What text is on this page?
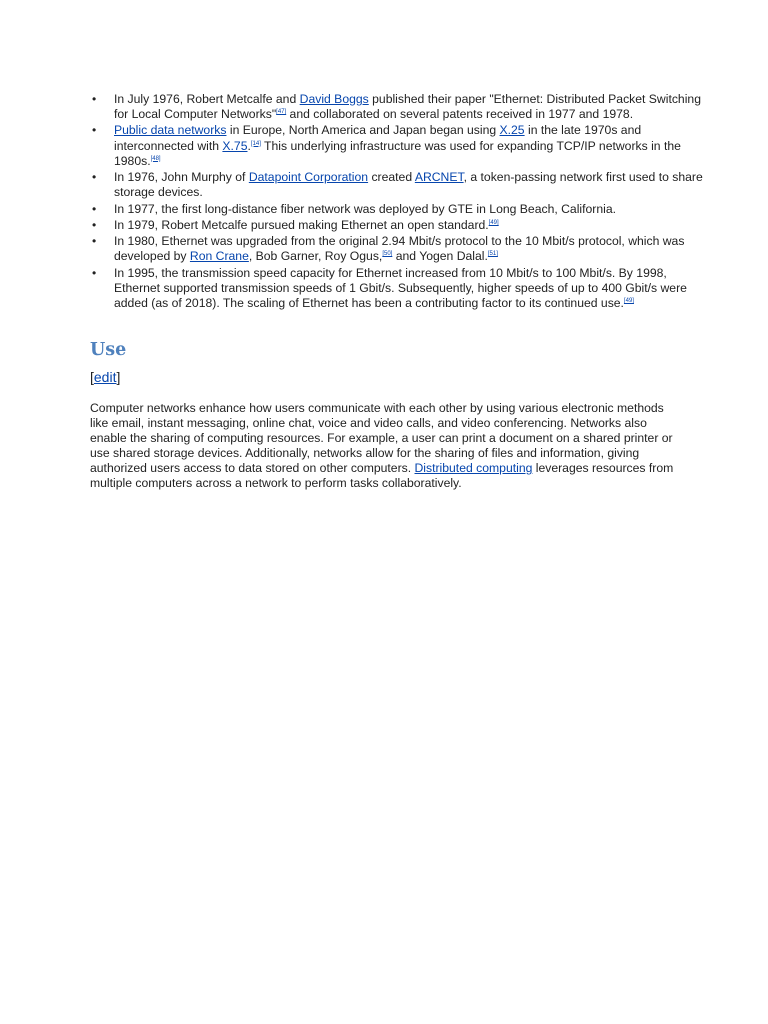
• In July 1976, Robert Metcalfe and David Boggs published their paper "Ethernet: Distributed Packet Switching for Local Computer Networks"[47] and collaborated on several patents received in 1977 and 1978.
• Public data networks in Europe, North America and Japan began using X.25 in the late 1970s and interconnected with X.75.[14] This underlying infrastructure was used for expanding TCP/IP networks in the 1980s.[48]
• In 1976, John Murphy of Datapoint Corporation created ARCNET, a token-passing network first used to share storage devices.
• In 1977, the first long-distance fiber network was deployed by GTE in Long Beach, California.
• In 1979, Robert Metcalfe pursued making Ethernet an open standard.[49]
• In 1980, Ethernet was upgraded from the original 2.94 Mbit/s protocol to the 10 Mbit/s protocol, which was developed by Ron Crane, Bob Garner, Roy Ogus,[50] and Yogen Dalal.[51]
• In 1995, the transmission speed capacity for Ethernet increased from 10 Mbit/s to 100 Mbit/s. By 1998, Ethernet supported transmission speeds of 1 Gbit/s. Subsequently, higher speeds of up to 400 Gbit/s were added (as of 2018). The scaling of Ethernet has been a contributing factor to its continued use.[49]
Use
[edit]

Computer networks enhance how users communicate with each other by using various electronic methods like email, instant messaging, online chat, voice and video calls, and video conferencing. Networks also enable the sharing of computing resources. For example, a user can print a document on a shared printer or use shared storage devices. Additionally, networks allow for the sharing of files and information, giving authorized users access to data stored on other computers. Distributed computing leverages resources from multiple computers across a network to perform tasks collaboratively.
